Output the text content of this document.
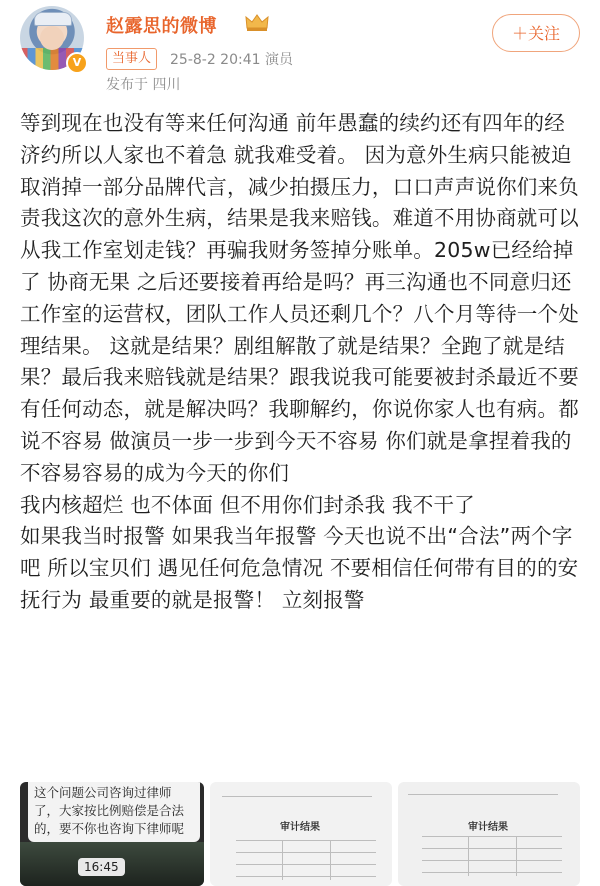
V
赵露思的微博
当事人	25-8-2 20:41 演员
发布于 四川
＋关注
等到现在也没有等来任何沟通 前年愚蠢的续约还有四年的经济约所以人家也不着急 就我难受着。 因为意外生病只能被迫取消掉一部分品牌代言，减少拍摄压力，口口声声说你们来负责我这次的意外生病，结果是我来赔钱。难道不用协商就可以从我工作室划走钱？再骗我财务签掉分账单。205w已经给掉了 协商无果 之后还要接着再给是吗？再三沟通也不同意归还工作室的运营权，团队工作人员还剩几个？八个月等待一个处理结果。 这就是结果？剧组解散了就是结果？全跑了就是结果？最后我来赔钱就是结果？跟我说我可能要被封杀最近不要有任何动态，就是解决吗？我聊解约，你说你家人也有病。都说不容易 做演员一步一步到今天不容易 你们就是拿捏着我的不容易容易的成为今天的你们
我内核超烂 也不体面 但不用你们封杀我 我不干了
如果我当时报警 如果我当年报警 今天也说不出“合法”两个字吧 所以宝贝们 遇见任何危急情况 不要相信任何带有目的的安抚行为 最重要的就是报警！ 立刻报警
这个问题公司咨询过律师了，大家按比例赔偿是合法的，要不你也咨询下律师呢
16:45
审计结果	审计结果
